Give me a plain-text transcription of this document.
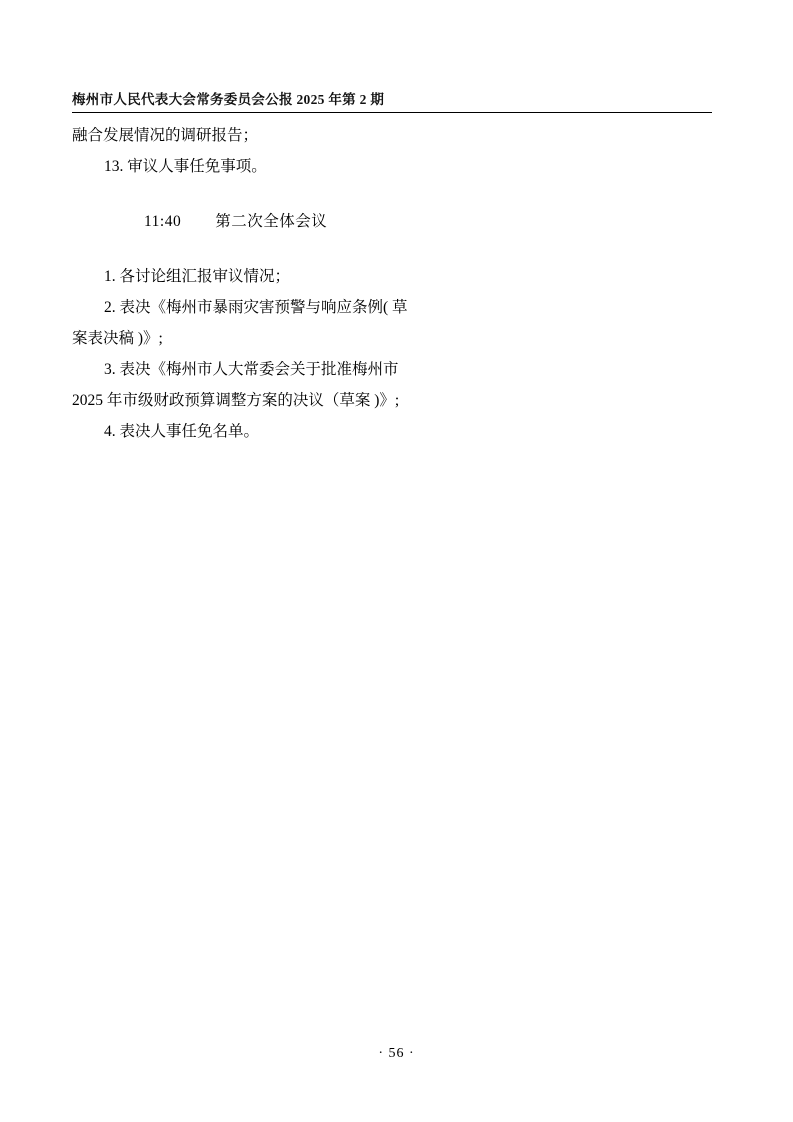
梅州市人民代表大会常务委员会公报 2025 年第 2 期
融合发展情况的调研报告；
13. 审议人事任免事项。
11:40 第二次全体会议
1. 各讨论组汇报审议情况；
2. 表决《梅州市暴雨灾害预警与响应条例( 草
案表决稿 )》;
3. 表决《梅州市人大常委会关于批准梅州市
2025 年市级财政预算调整方案的决议（草案 )》;
4. 表决人事任免名单。
· 56 ·
